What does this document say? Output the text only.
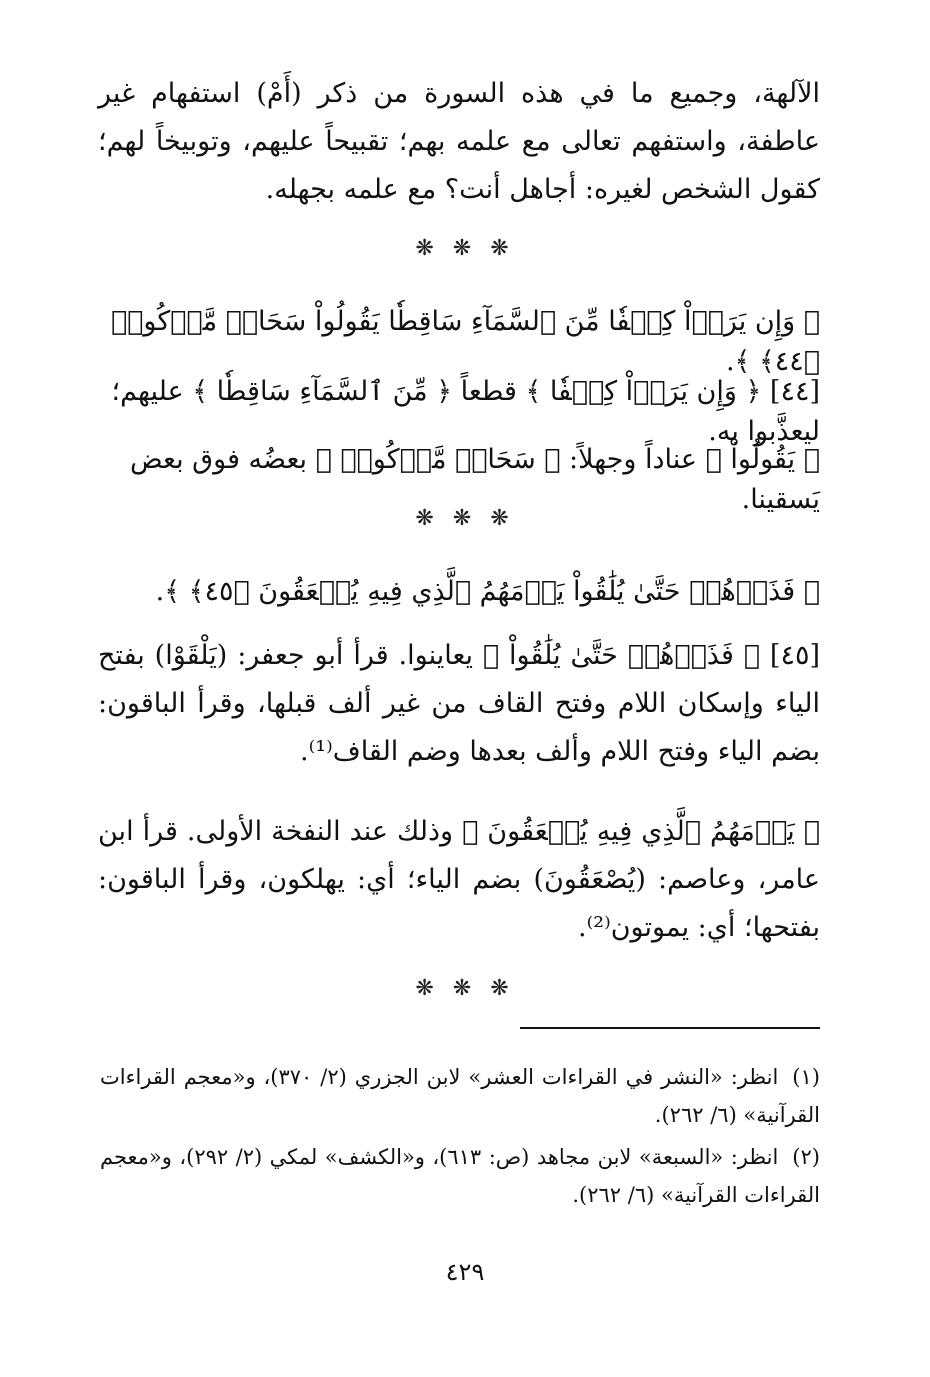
الآلهة، وجميع ما في هذه السورة من ذكر (أَمْ) استفهام غير عاطفة، واستفهم تعالى مع علمه بهم؛ تقبيحاً عليهم، وتوبيخاً لهم؛ كقول الشخص لغيره: أجاهل أنت؟ مع علمه بجهله.

❋ ❋ ❋

﴿ وَإِن يَرَوۡاْ كِسۡفٗا مِّنَ ٱلسَّمَآءِ سَاقِطٗا يَقُولُواْ سَحَابٞ مَّرۡكُومٞ ﴿٤٤﴾ ﴾.

[٤٤] ﴿ وَإِن يَرَوۡاْ كِسۡفٗا ﴾ قطعاً ﴿ مِّنَ ٱلسَّمَآءِ سَاقِطٗا ﴾ عليهم؛ ليعذَّبوا به.

﴿ يَقُولُواْ ﴾ عناداً وجهلاً: ﴿ سَحَابٞ مَّرۡكُومٞ ﴾ بعضُه فوق بعض يَسقينا.

❋ ❋ ❋

﴿ فَذَرۡهُمۡ حَتَّىٰ يُلَٰقُواْ يَوۡمَهُمُ ٱلَّذِي فِيهِ يُصۡعَقُونَ ﴿٤٥﴾ ﴾.

[٤٥] ﴿ فَذَرۡهُمۡ حَتَّىٰ يُلَٰقُواْ ﴾ يعاينوا. قرأ أبو جعفر: (يَلْقَوْا) بفتح الياء وإسكان اللام وفتح القاف من غير ألف قبلها، وقرأ الباقون: بضم الياء وفتح اللام وألف بعدها وضم القاف⁽¹⁾.

﴿ يَوۡمَهُمُ ٱلَّذِي فِيهِ يُصۡعَقُونَ ﴾ وذلك عند النفخة الأولى. قرأ ابن عامر، وعاصم: (يُصْعَقُونَ) بضم الياء؛ أي: يهلكون، وقرأ الباقون: بفتحها؛ أي: يموتون⁽²⁾.

❋ ❋ ❋

(١)انظر: «النشر في القراءات العشر» لابن الجزري (٢/ ٣٧٠)، و«معجم القراءات القرآنية» (٦/ ٢٦٢).

(٢)انظر: «السبعة» لابن مجاهد (ص: ٦١٣)، و«الكشف» لمكي (٢/ ٢٩٢)، و«معجم القراءات القرآنية» (٦/ ٢٦٢).

٤٢٩
